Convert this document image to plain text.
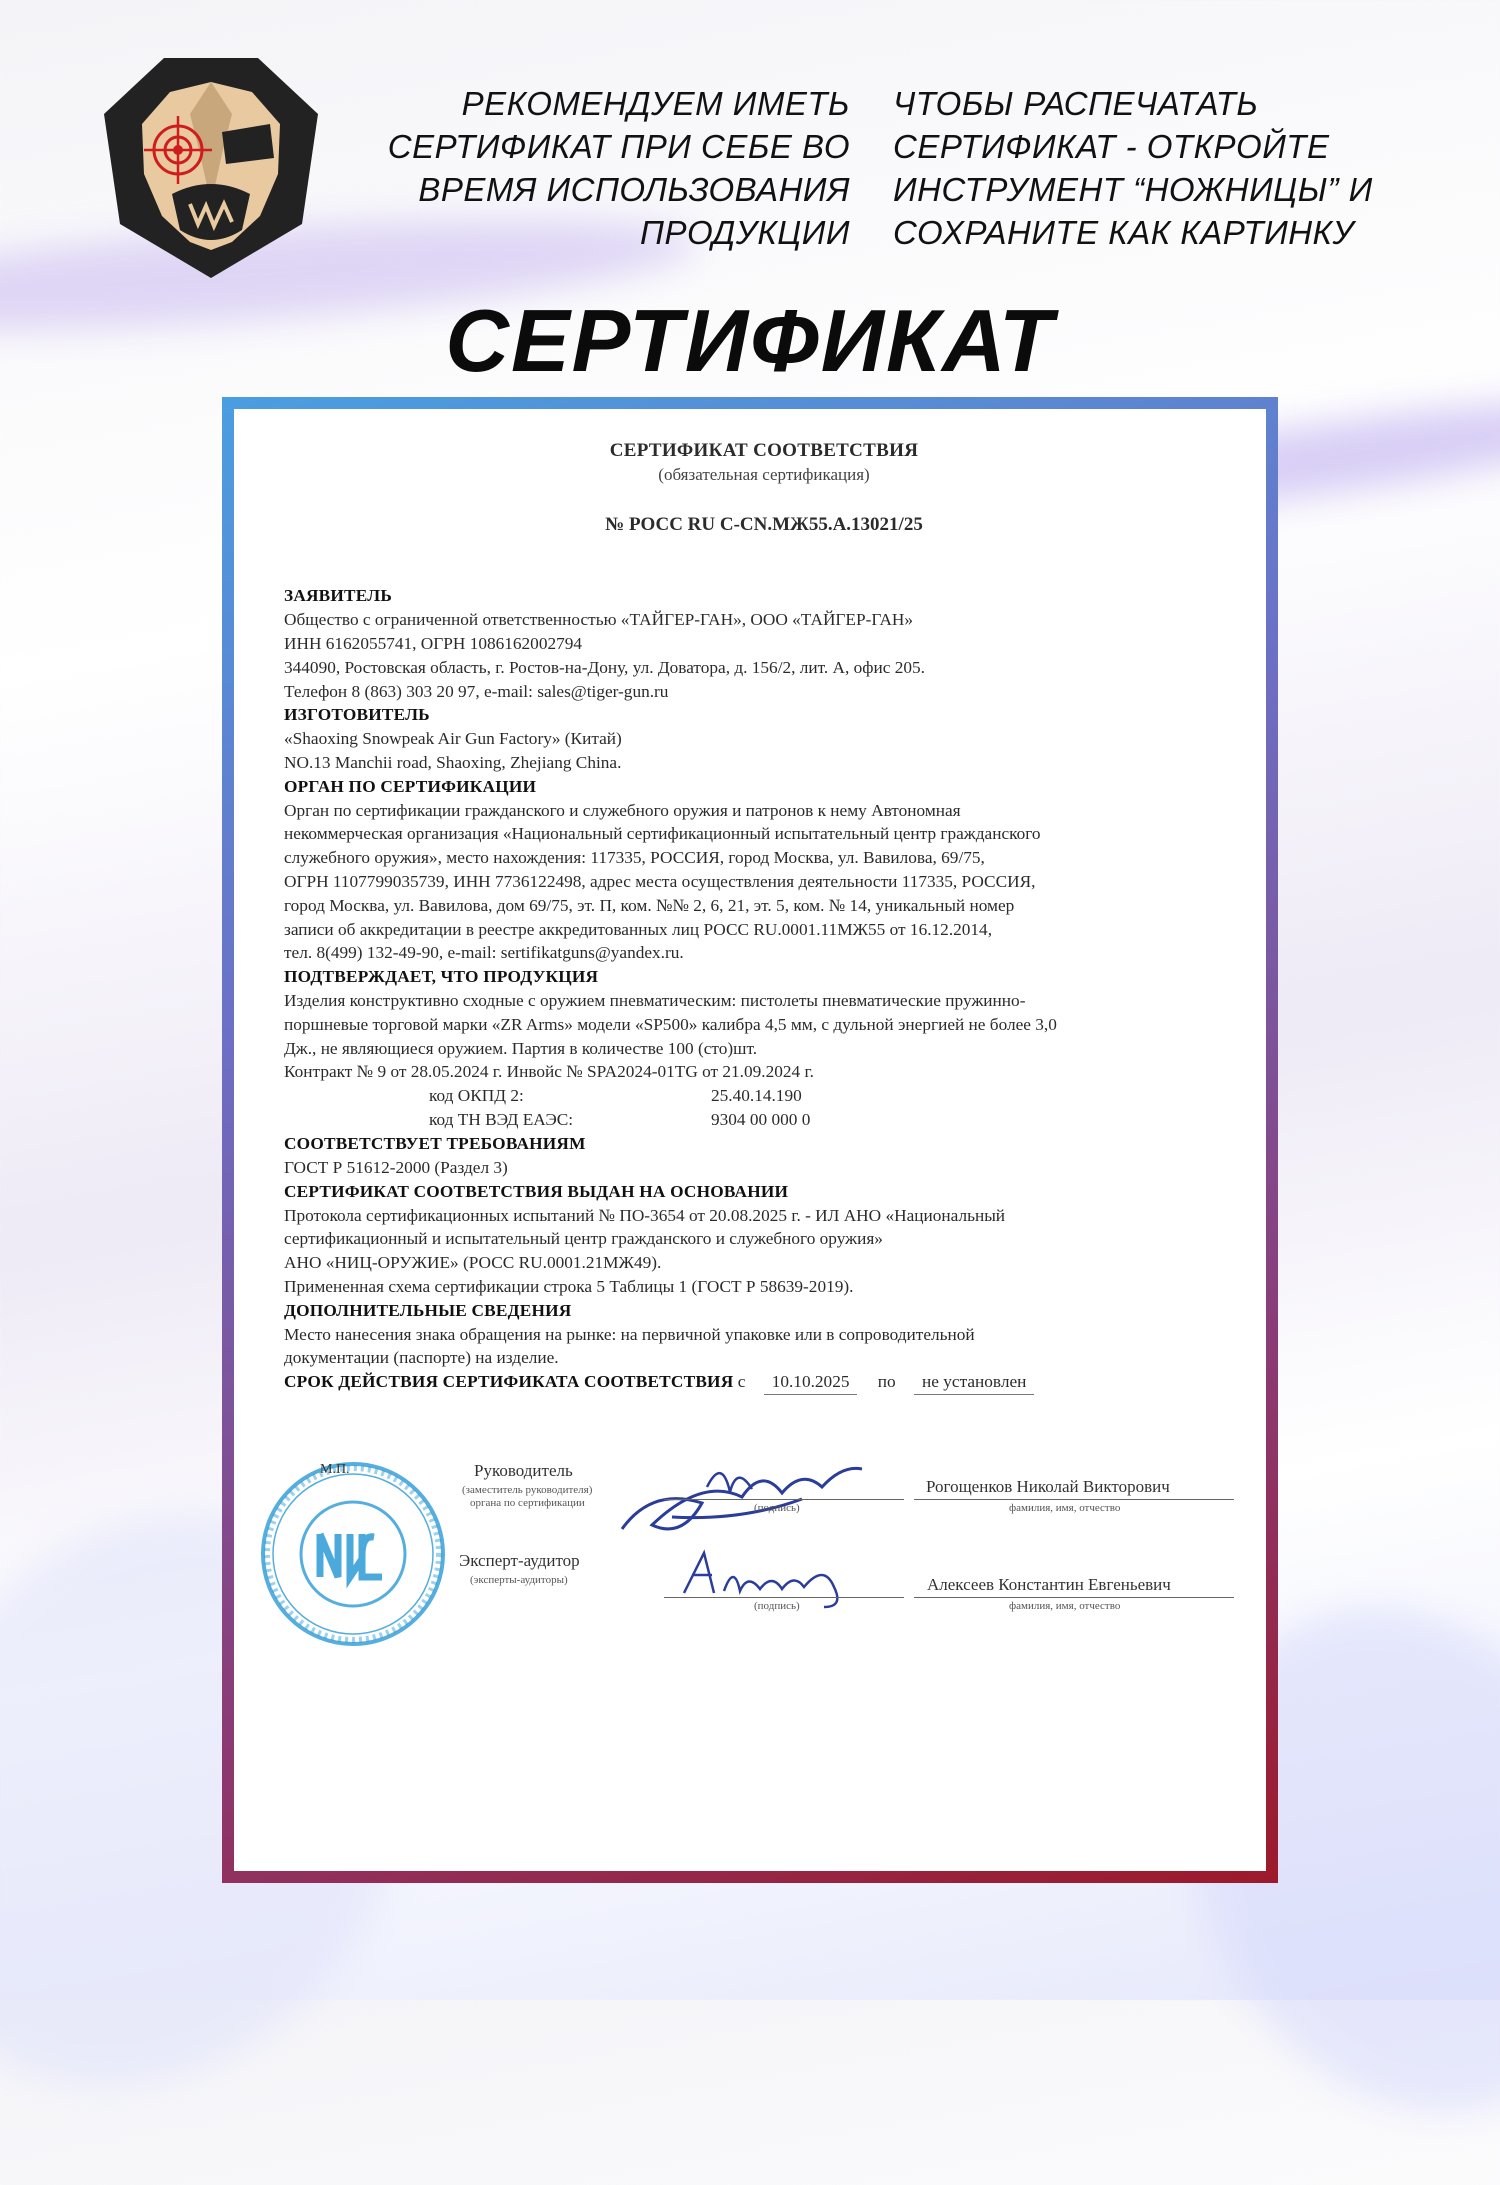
РЕКОМЕНДУЕМ ИМЕТЬ
СЕРТИФИКАТ ПРИ СЕБЕ ВО
ВРЕМЯ ИСПОЛЬЗОВАНИЯ
ПРОДУКЦИИ
ЧТОБЫ РАСПЕЧАТАТЬ
СЕРТИФИКАТ - ОТКРОЙТЕ
ИНСТРУМЕНТ “НОЖНИЦЫ” И
СОХРАНИТЕ КАК КАРТИНКУ
СЕРТИФИКАТ
СЕРТИФИКАТ СООТВЕТСТВИЯ
(обязательная сертификация)
№ РОСС RU С-CN.МЖ55.А.13021/25
ЗАЯВИТЕЛЬ
Общество с ограниченной ответственностью «ТАЙГЕР-ГАН», ООО «ТАЙГЕР-ГАН»
ИНН 6162055741, ОГРН 1086162002794
344090, Ростовская область, г. Ростов-на-Дону, ул. Доватора, д. 156/2, лит. А, офис 205.
Телефон 8 (863) 303 20 97, e-mail: sales@tiger-gun.ru
ИЗГОТОВИТЕЛЬ
«Shaoxing Snowpeak Air Gun Factory» (Китай)
NO.13 Manchii road, Shaoxing, Zhejiang China.
ОРГАН ПО СЕРТИФИКАЦИИ
Орган по сертификации гражданского и служебного оружия и патронов к нему Автономная
некоммерческая организация «Национальный сертификационный испытательный центр гражданского
служебного оружия», место нахождения: 117335, РОССИЯ, город Москва, ул. Вавилова, 69/75,
ОГРН 1107799035739, ИНН 7736122498, адрес места осуществления деятельности 117335, РОССИЯ,
город Москва, ул. Вавилова, дом 69/75, эт. П, ком. №№ 2, 6, 21, эт. 5, ком. № 14, уникальный номер
записи об аккредитации в реестре аккредитованных лиц РОСС RU.0001.11МЖ55 от 16.12.2014,
тел. 8(499) 132-49-90, e-mail: sertifikatguns@yandex.ru.
ПОДТВЕРЖДАЕТ, ЧТО ПРОДУКЦИЯ
Изделия конструктивно сходные с оружием пневматическим: пистолеты пневматические пружинно-
поршневые торговой марки «ZR Arms» модели «SP500» калибра 4,5 мм, с дульной энергией не более 3,0
Дж., не являющиеся оружием. Партия в количестве 100 (сто)шт.
Контракт № 9 от 28.05.2024 г. Инвойс № SPA2024-01TG от 21.09.2024 г.
код ОКПД 2:	25.40.14.190
код ТН ВЭД ЕАЭС:	9304 00 000 0
СООТВЕТСТВУЕТ ТРЕБОВАНИЯМ
ГОСТ Р 51612-2000 (Раздел 3)
СЕРТИФИКАТ СООТВЕТСТВИЯ ВЫДАН НА ОСНОВАНИИ
Протокола сертификационных испытаний № ПО-3654 от 20.08.2025 г. - ИЛ АНО «Национальный
сертификационный и испытательный центр гражданского и служебного оружия»
АНО «НИЦ-ОРУЖИЕ» (РОСС RU.0001.21МЖ49).
Примененная схема сертификации строка 5 Таблицы 1 (ГОСТ Р 58639-2019).
ДОПОЛНИТЕЛЬНЫЕ СВЕДЕНИЯ
Место нанесения знака обращения на рынке: на первичной упаковке или в сопроводительной
документации (паспорте) на изделие.
СРОК ДЕЙСТВИЯ СЕРТИФИКАТА СООТВЕТСТВИЯ с 10.10.2025 по не установлен
М.П.	Руководитель
(заместитель руководителя)
органа по сертификации	(подпись)
Рогощенков Николай Викторович
фамилия, имя, отчество
Эксперт-аудитор
(эксперты-аудиторы)
(подпись)
Алексеев Константин Евгеньевич
фамилия, имя, отчество
